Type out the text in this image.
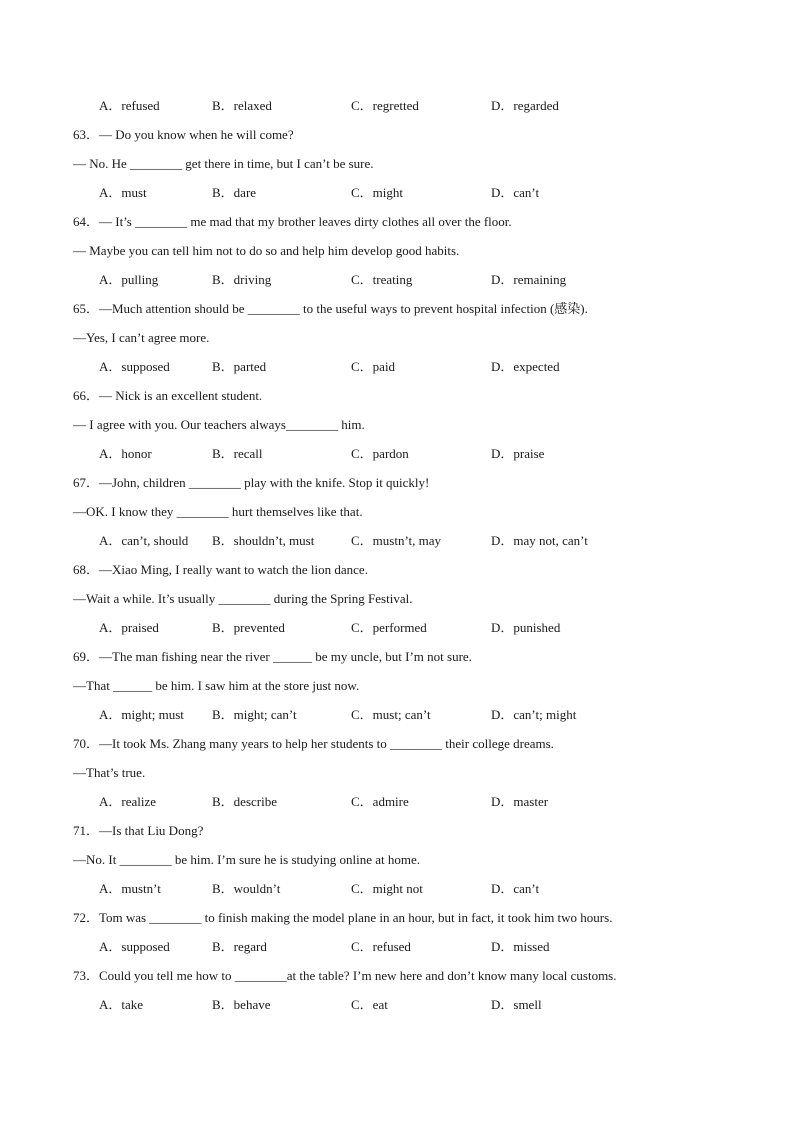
A．refused	B．relaxed	C．regretted	D．regarded
63．— Do you know when he will come?
— No. He ________ get there in time, but I can’t be sure.
A．must	B．dare	C．might	D．can’t
64．— It’s ________ me mad that my brother leaves dirty clothes all over the floor.
— Maybe you can tell him not to do so and help him develop good habits.
A．pulling	B．driving	C．treating	D．remaining
65．—Much attention should be ________ to the useful ways to prevent hospital infection (感染).
—Yes, I can’t agree more.
A．supposed	B．parted	C．paid	D．expected
66．— Nick is an excellent student.
— I agree with you. Our teachers always________ him.
A．honor	B．recall	C．pardon	D．praise
67．—John, children ________ play with the knife. Stop it quickly!
—OK. I know they ________ hurt themselves like that.
A．can’t, should B．shouldn’t, must	C．mustn’t, may	D．may not, can’t
68．—Xiao Ming, I really want to watch the lion dance.
—Wait a while. It’s usually ________ during the Spring Festival.
A．praised	B．prevented	C．performed	D．punished
69．—The man fishing near the river ______ be my uncle, but I’m not sure.
—That ______ be him. I saw him at the store just now.
A．might; must B．might; can’t	C．must; can’t	D．can’t; might
70．—It took Ms. Zhang many years to help her students to ________ their college dreams.
—That’s true.
A．realize	B．describe	C．admire	D．master
71．—Is that Liu Dong?
—No. It ________ be him. I’m sure he is studying online at home.
A．mustn’t	B．wouldn’t	C．might not	D．can’t
72．Tom was ________ to finish making the model plane in an hour, but in fact, it took him two hours.
A．supposed	B．regard	C．refused	D．missed
73．Could you tell me how to ________at the table? I’m new here and don’t know many local customs.
A．take	B．behave	C．eat	D．smell
